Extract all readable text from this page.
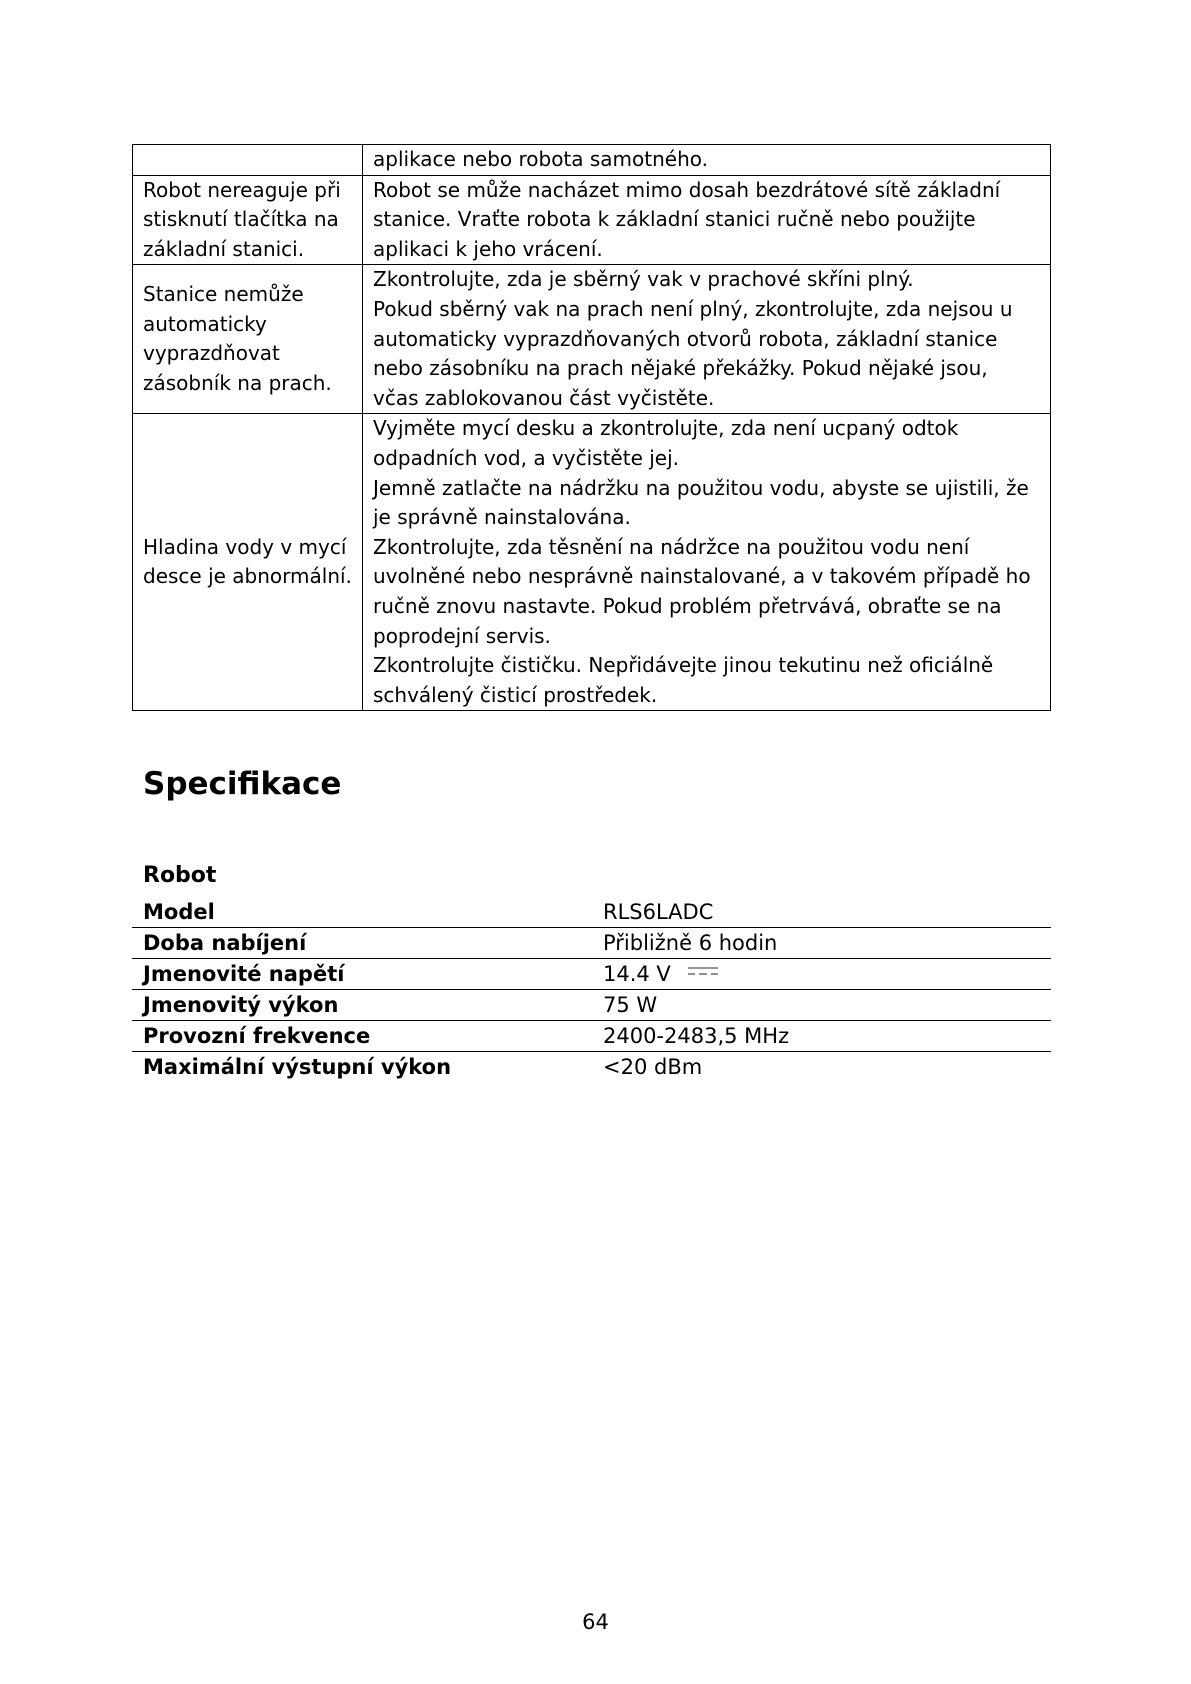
	aplikace nebo robota samotného.

Robot nereaguje při stisknutí tlačítka na základní stanici.	Robot se může nacházet mimo dosah bezdrátové sítě základní stanice. Vraťte robota k základní stanici ručně nebo použijte aplikaci k jeho vrácení.

Stanice nemůže automaticky vyprazdňovat zásobník na prach.	Zkontrolujte, zda je sběrný vak v prachové skříni plný.
Pokud sběrný vak na prach není plný, zkontrolujte, zda nejsou u automaticky vyprazdňovaných otvorů robota, základní stanice nebo zásobníku na prach nějaké překážky. Pokud nějaké jsou, včas zablokovanou část vyčistěte.

Hladina vody v mycí desce je abnormální.	Vyjměte mycí desku a zkontrolujte, zda není ucpaný odtok odpadních vod, a vyčistěte jej.
Jemně zatlačte na nádržku na použitou vodu, abyste se ujistili, že je správně nainstalována.
Zkontrolujte, zda těsnění na nádržce na použitou vodu není uvolněné nebo nesprávně nainstalované, a v takovém případě ho ručně znovu nastavte. Pokud problém přetrvává, obraťte se na poprodejní servis.
Zkontrolujte čističku. Nepřidávejte jinou tekutinu než oficiálně schválený čisticí prostředek.
Specifikace
Robot
Model	RLS6LADC
Doba nabíjení	Přibližně 6 hodin
Jmenovité napětí	14.4 V
Jmenovitý výkon	75 W
Provozní frekvence	2400-2483,5 MHz
Maximální výstupní výkon	<20 dBm
64
